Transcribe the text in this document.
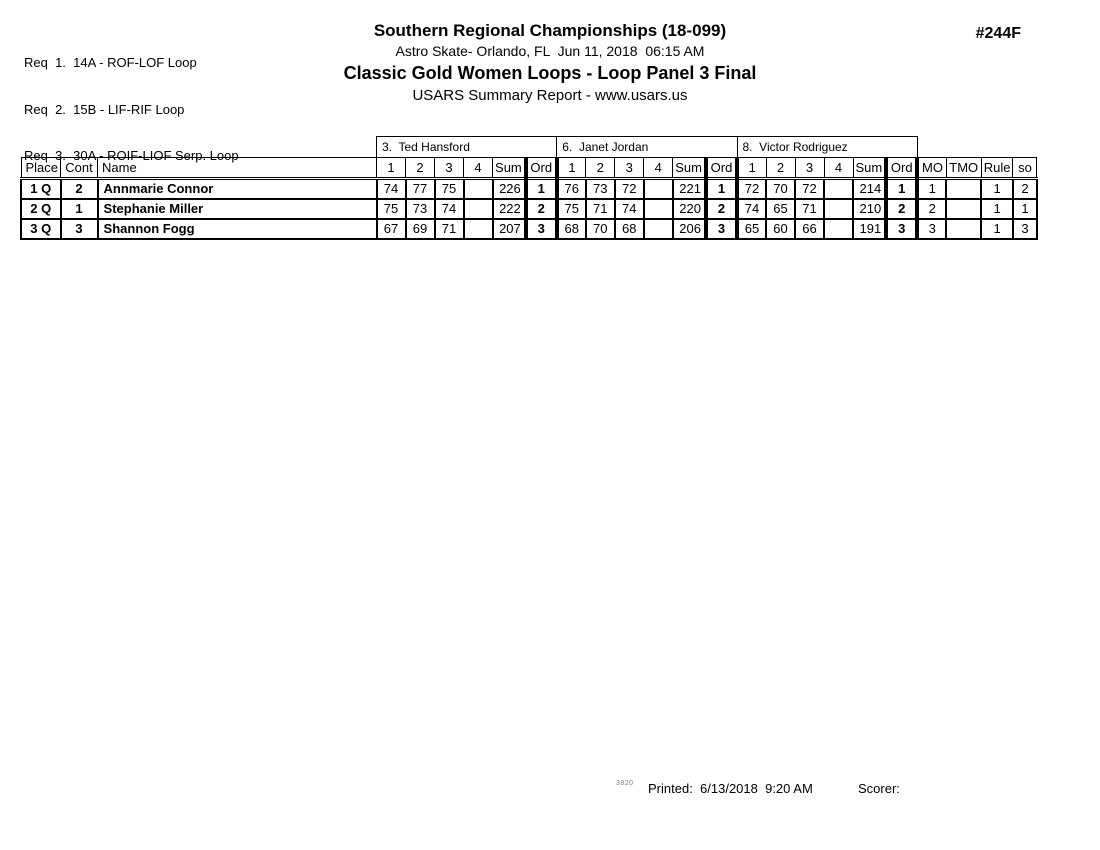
Req  1.  14A - ROF-LOF Loop

Req  2.  15B - LIF-RIF Loop

Req  3.  30A - ROIF-LIOF Serp. Loop

Southern Regional Championships (18-099)
Astro Skate- Orlando, FL  Jun 11, 2018  06:15 AM
Classic Gold Women Loops - Loop Panel 3 Final
USARS Summary Report - www.usars.us
#244F
			3.  Ted Hansford						6.  Janet Jordan						8.  Victor Rodriguez									
Place	Cont	Name	1	2	3	4	Sum	Ord	1	2	3	4	Sum	Ord	1	2	3	4	Sum	Ord	MO	TMO	Rule	so
1 Q	2	Annmarie Connor	74	77	75		226	1	76	73	72		221	1	72	70	72		214	1	1		1	2
2 Q	1	Stephanie Miller	75	73	74		222	2	75	71	74		220	2	74	65	71		210	2	2		1	1
3 Q	3	Shannon Fogg	67	69	71		207	3	68	70	68		206	3	65	60	66		191	3	3		1	3
3820 Printed:  6/13/2018  9:20 AM	Scorer:
